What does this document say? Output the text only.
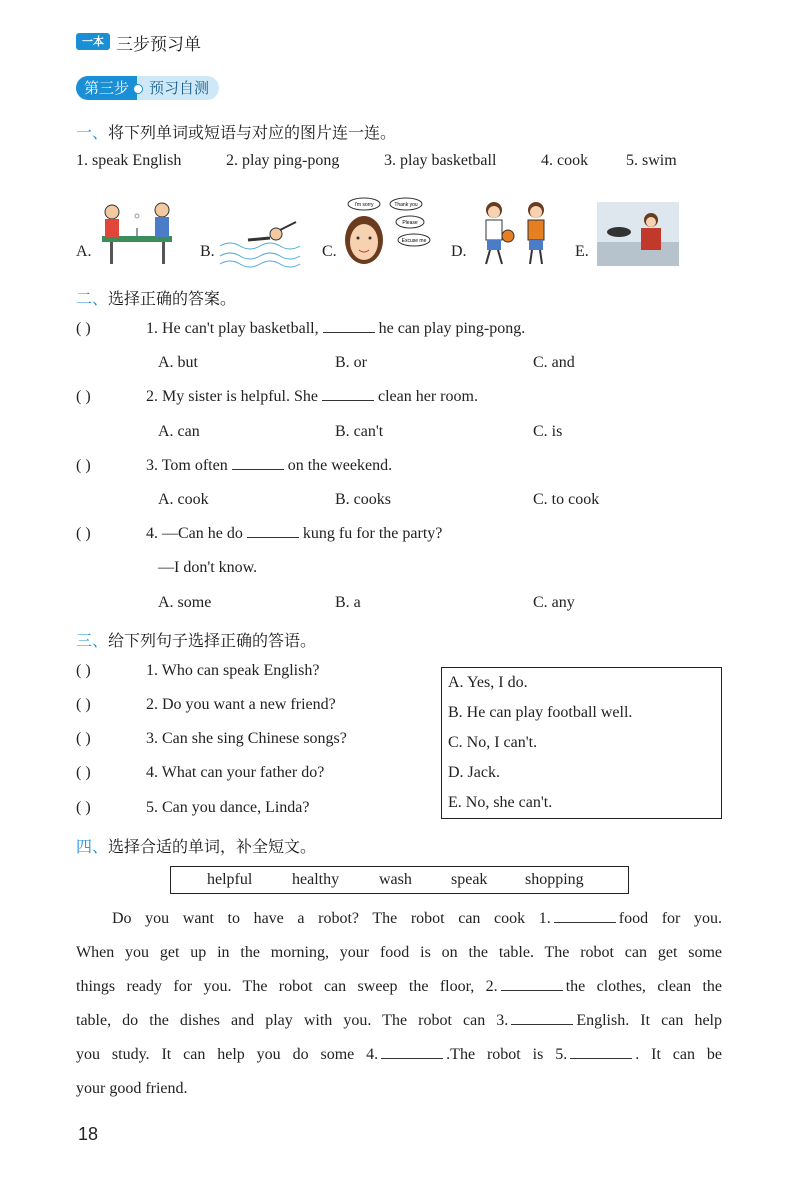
一本 三步预习单
第三步	预习自测
一、将下列单词或短语与对应的图片连一连。
1. speak English	2. play ping-pong	3. play basketball	4. cook 5. swim
A.	B.	C.
I'm sorry	Thank you
Please
Excuse me
D.	E.
二、选择正确的答案。
( )	1. He can't play basketball,	he can play ping-pong.
A. but	B. or	C. and
( )	2. My sister is helpful. She	clean her room.
A. can	B. can't	C. is
( )	3. Tom often	on the weekend.
A. cook	B. cooks	C. to cook
( )	4. —Can he do	kung fu for the party?
—I don't know.
A. some	B. a	C. any
三、给下列句子选择正确的答语。
( )	1. Who can speak English?
( )	2. Do you want a new friend?
( )	3. Can she sing Chinese songs?
( )	4. What can your father do?
( )	5. Can you dance, Linda?
A. Yes, I do.
B. He can play football well.
C. No, I can't.
D. Jack.
E. No, she can't.
四、选择合适的单词，补全短文。
helpful healthy wash speak shopping
Do you want to have a robot? The robot can cook 1.	food for you.
When you get up in the morning, your food is on the table. The robot can get some
things ready for you. The robot can sweep the floor, 2.	the clothes, clean the
table, do the dishes and play with you. The robot can 3.	English. It can help
you study. It can help you do some 4.	.The robot is 5.	. It can be
your good friend.
18
